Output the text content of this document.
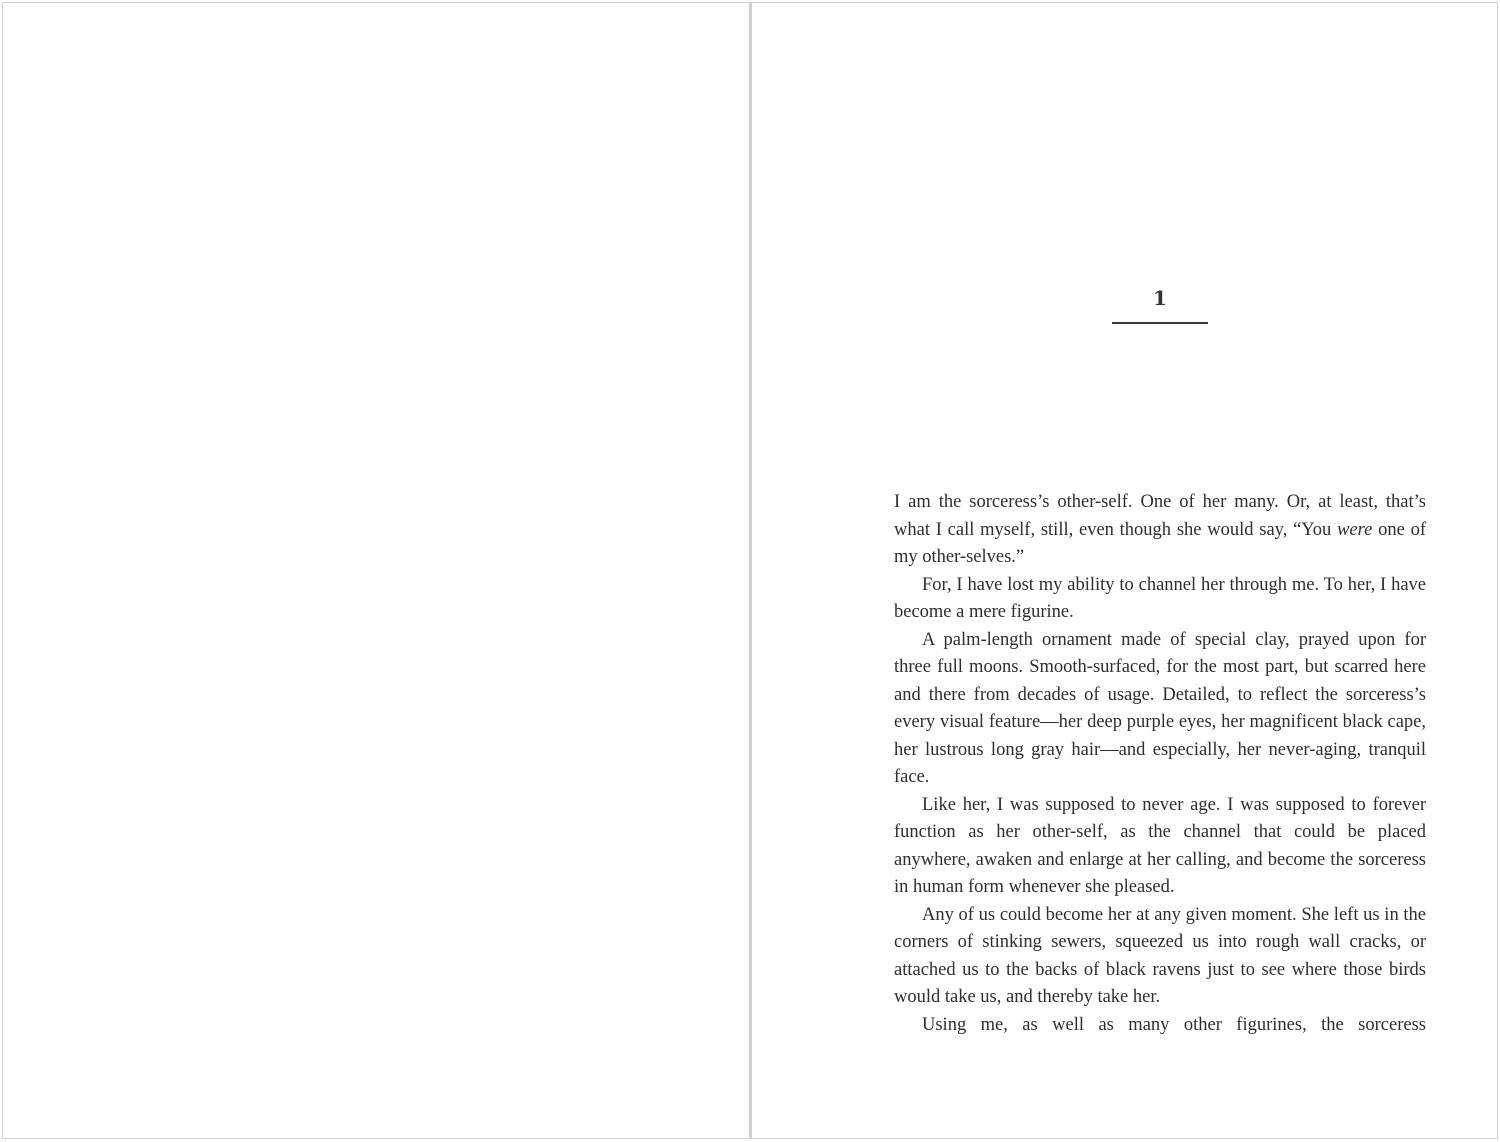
1

I am the sorceress’s other-self. One of her many. Or, at least, that’s what I call myself, still, even though she would say, “You were one of my other-selves.”

For, I have lost my ability to channel her through me. To her, I have become a mere figurine.

A palm-length ornament made of special clay, prayed upon for three full moons. Smooth-surfaced, for the most part, but scarred here and there from decades of usage. Detailed, to reflect the sorceress’s every visual feature—her deep purple eyes, her magnificent black cape, her lustrous long gray hair—and especially, her never-aging, tranquil face.

Like her, I was supposed to never age. I was supposed to forever function as her other-self, as the channel that could be placed anywhere, awaken and enlarge at her calling, and become the sorceress in human form whenever she pleased.

Any of us could become her at any given moment. She left us in the corners of stinking sewers, squeezed us into rough wall cracks, or attached us to the backs of black ravens just to see where those birds would take us, and thereby take her.

Using me, as well as many other figurines, the sorceress
